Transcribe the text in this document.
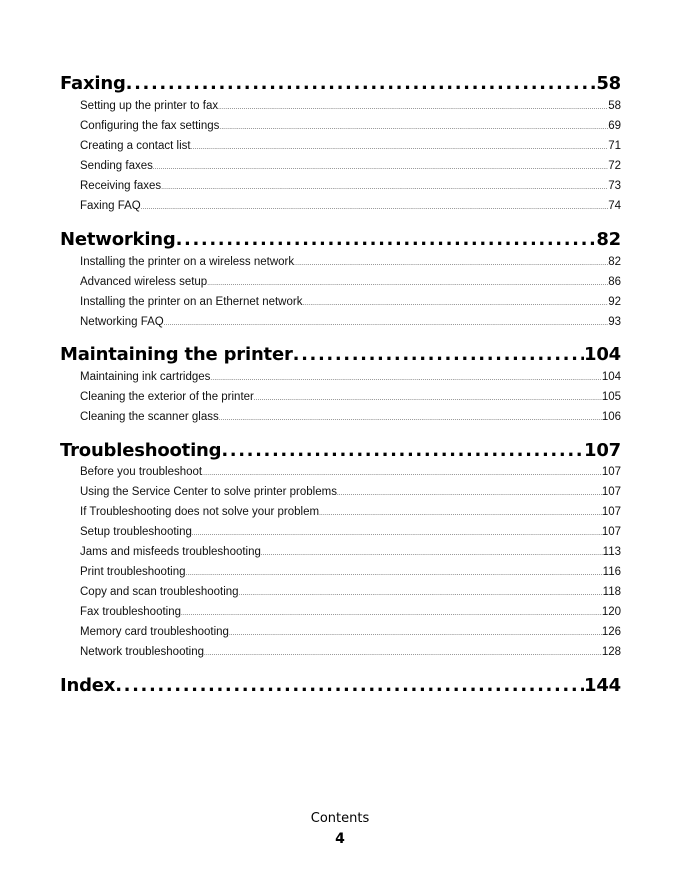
Faxing .....	58
Setting up the printer to fax .....	58
Configuring the fax settings .....	69
Creating a contact list .....	71
Sending faxes .....	72
Receiving faxes .....	73
Faxing FAQ .....	74
Networking .....	82
Installing the printer on a wireless network .....	82
Advanced wireless setup .....	86
Installing the printer on an Ethernet network .....	92
Networking FAQ .....	93
Maintaining the printer .....	104
Maintaining ink cartridges .....	104
Cleaning the exterior of the printer .....	105
Cleaning the scanner glass .....	106
Troubleshooting .....	107
Before you troubleshoot .....	107
Using the Service Center to solve printer problems .....	107
If Troubleshooting does not solve your problem .....	107
Setup troubleshooting .....	107
Jams and misfeeds troubleshooting .....	113
Print troubleshooting .....	116
Copy and scan troubleshooting .....	118
Fax troubleshooting .....	120
Memory card troubleshooting .....	126
Network troubleshooting .....	128
Index .....	144
Contents
4
